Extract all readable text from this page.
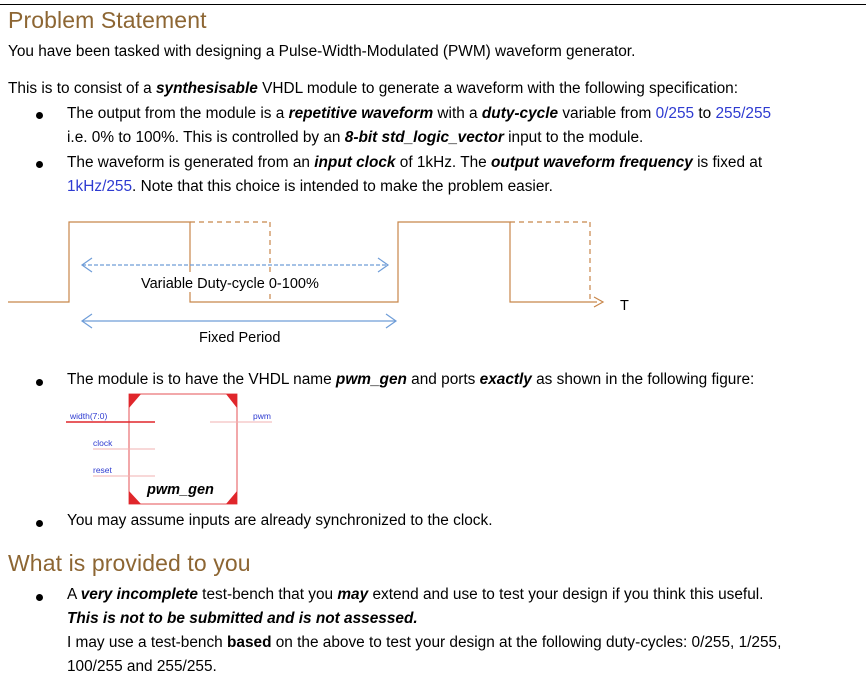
Problem Statement
You have been tasked with designing a Pulse-Width-Modulated (PWM) waveform generator.
This is to consist of a synthesisable VHDL module to generate a waveform with the following specification:
The output from the module is a repetitive waveform with a duty-cycle variable from 0/255 to 255/255
i.e. 0% to 100%. This is controlled by an 8-bit std_logic_vector input to the module.
The waveform is generated from an input clock of 1kHz. The output waveform frequency is fixed at
1kHz/255. Note that this choice is intended to make the problem easier.
Variable Duty-cycle 0-100%
Fixed Period
T
The module is to have the VHDL name pwm_gen and ports exactly as shown in the following figure:
width(7:0)
clock
reset
pwm
pwm_gen
You may assume inputs are already synchronized to the clock.
What is provided to you
A very incomplete test-bench that you may extend and use to test your design if you think this useful.
This is not to be submitted and is not assessed.
I may use a test-bench based on the above to test your design at the following duty-cycles: 0/255, 1/255,
100/255 and 255/255.
